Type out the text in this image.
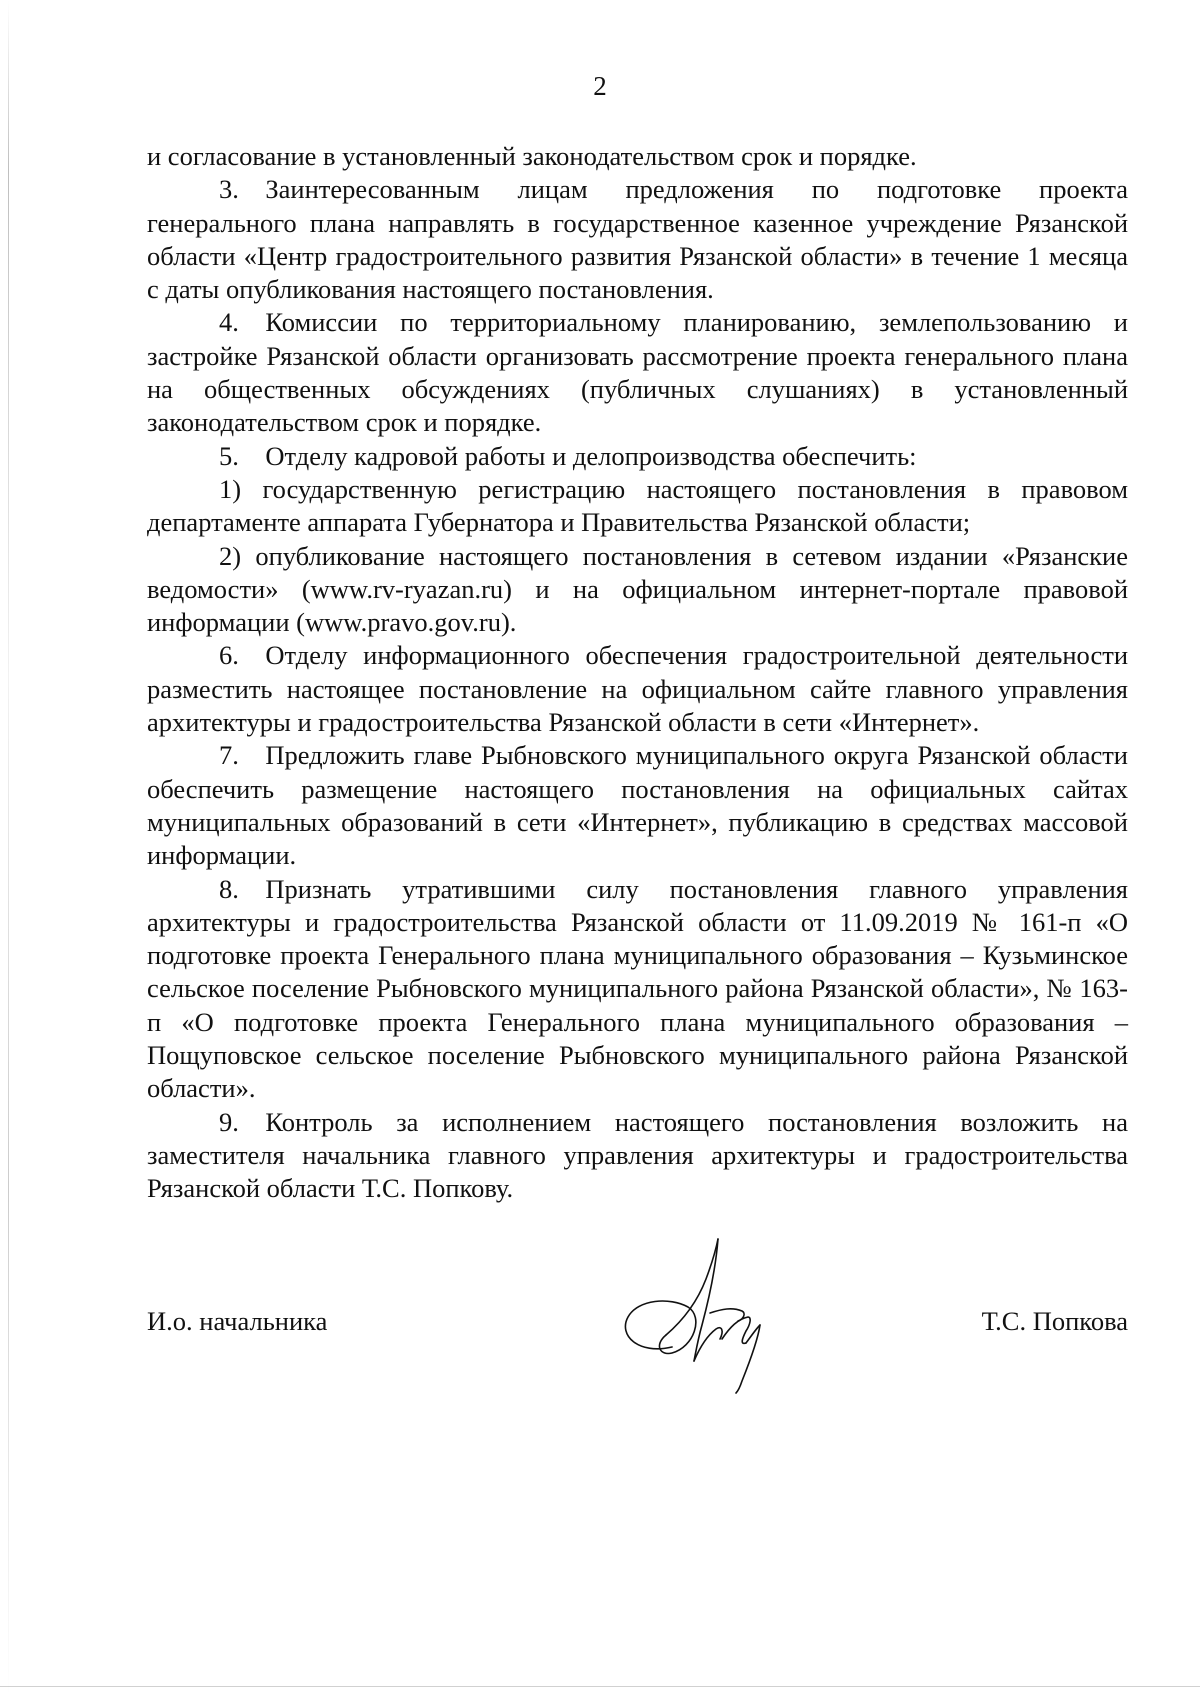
2

и согласование в установленный законодательством срок и порядке.

3. Заинтересованным лицам предложения по подготовке проекта генерального плана направлять в государственное казенное учреждение Рязанской области «Центр градостроительного развития Рязанской области» в течение 1 месяца с даты опубликования настоящего постановления.

4. Комиссии по территориальному планированию, землепользованию и застройке Рязанской области организовать рассмотрение проекта генерального плана на общественных обсуждениях (публичных слушаниях) в установленный законодательством срок и порядке.

5. Отделу кадровой работы и делопроизводства обеспечить:

1) государственную регистрацию настоящего постановления в правовом департаменте аппарата Губернатора и Правительства Рязанской области;

2) опубликование настоящего постановления в сетевом издании «Рязанские ведомости» (www.rv-ryazan.ru) и на официальном интернет-портале правовой информации (www.pravo.gov.ru).

6. Отделу информационного обеспечения градостроительной деятельности разместить настоящее постановление на официальном сайте главного управления архитектуры и градостроительства Рязанской области в сети «Интернет».

7. Предложить главе Рыбновского муниципального округа Рязанской области обеспечить размещение настоящего постановления на официальных сайтах муниципальных образований в сети «Интернет», публикацию в средствах массовой информации.

8. Признать утратившими силу постановления главного управления архитектуры и градостроительства Рязанской области от 11.09.2019 № 161-п «О подготовке проекта Генерального плана муниципального образования – Кузьминское сельское поселение Рыбновского муниципального района Рязанской области», № 163-п «О подготовке проекта Генерального плана муниципального образования – Пощуповское сельское поселение Рыбновского муниципального района Рязанской области».

9. Контроль за исполнением настоящего постановления возложить на заместителя начальника главного управления архитектуры и градостроительства Рязанской области Т.С. Попкову.

И.о. начальника	Т.С. Попкова
